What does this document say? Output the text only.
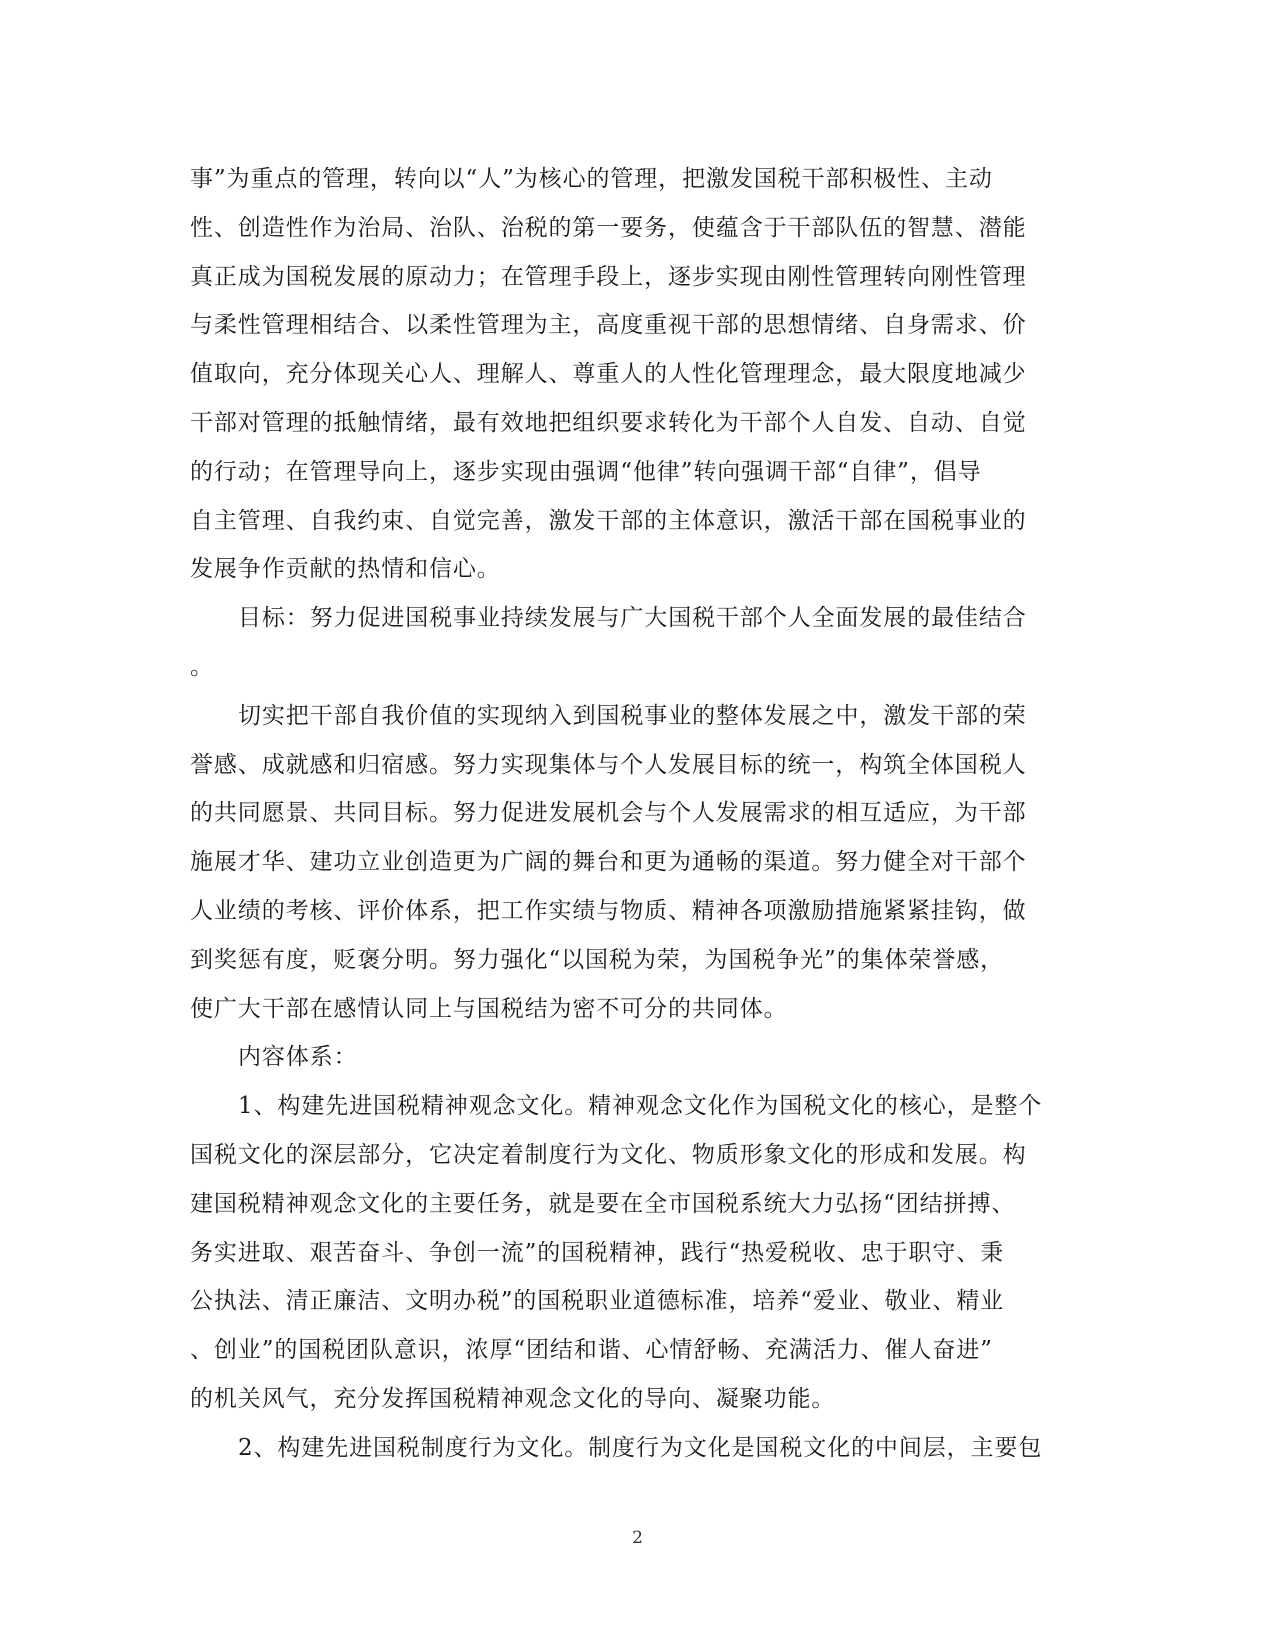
事”为重点的管理，转向以“人”为核心的管理，把激发国税干部积极性、主动
性、创造性作为治局、治队、治税的第一要务，使蕴含于干部队伍的智慧、潜能
真正成为国税发展的原动力；在管理手段上，逐步实现由刚性管理转向刚性管理
与柔性管理相结合、以柔性管理为主，高度重视干部的思想情绪、自身需求、价
值取向，充分体现关心人、理解人、尊重人的人性化管理理念，最大限度地减少
干部对管理的抵触情绪，最有效地把组织要求转化为干部个人自发、自动、自觉
的行动；在管理导向上，逐步实现由强调“他律”转向强调干部“自律”，倡导
自主管理、自我约束、自觉完善，激发干部的主体意识，激活干部在国税事业的
发展争作贡献的热情和信心。
目标：努力促进国税事业持续发展与广大国税干部个人全面发展的最佳结合
。
切实把干部自我价值的实现纳入到国税事业的整体发展之中，激发干部的荣
誉感、成就感和归宿感。努力实现集体与个人发展目标的统一，构筑全体国税人
的共同愿景、共同目标。努力促进发展机会与个人发展需求的相互适应，为干部
施展才华、建功立业创造更为广阔的舞台和更为通畅的渠道。努力健全对干部个
人业绩的考核、评价体系，把工作实绩与物质、精神各项激励措施紧紧挂钩，做
到奖惩有度，贬褒分明。努力强化“以国税为荣，为国税争光”的集体荣誉感，
使广大干部在感情认同上与国税结为密不可分的共同体。
内容体系：
1、构建先进国税精神观念文化。精神观念文化作为国税文化的核心，是整个
国税文化的深层部分，它决定着制度行为文化、物质形象文化的形成和发展。构
建国税精神观念文化的主要任务，就是要在全市国税系统大力弘扬“团结拼搏、
务实进取、艰苦奋斗、争创一流”的国税精神，践行“热爱税收、忠于职守、秉
公执法、清正廉洁、文明办税”的国税职业道德标准，培养“爱业、敬业、精业
、创业”的国税团队意识，浓厚“团结和谐、心情舒畅、充满活力、催人奋进”
的机关风气，充分发挥国税精神观念文化的导向、凝聚功能。
2、构建先进国税制度行为文化。制度行为文化是国税文化的中间层，主要包
2
